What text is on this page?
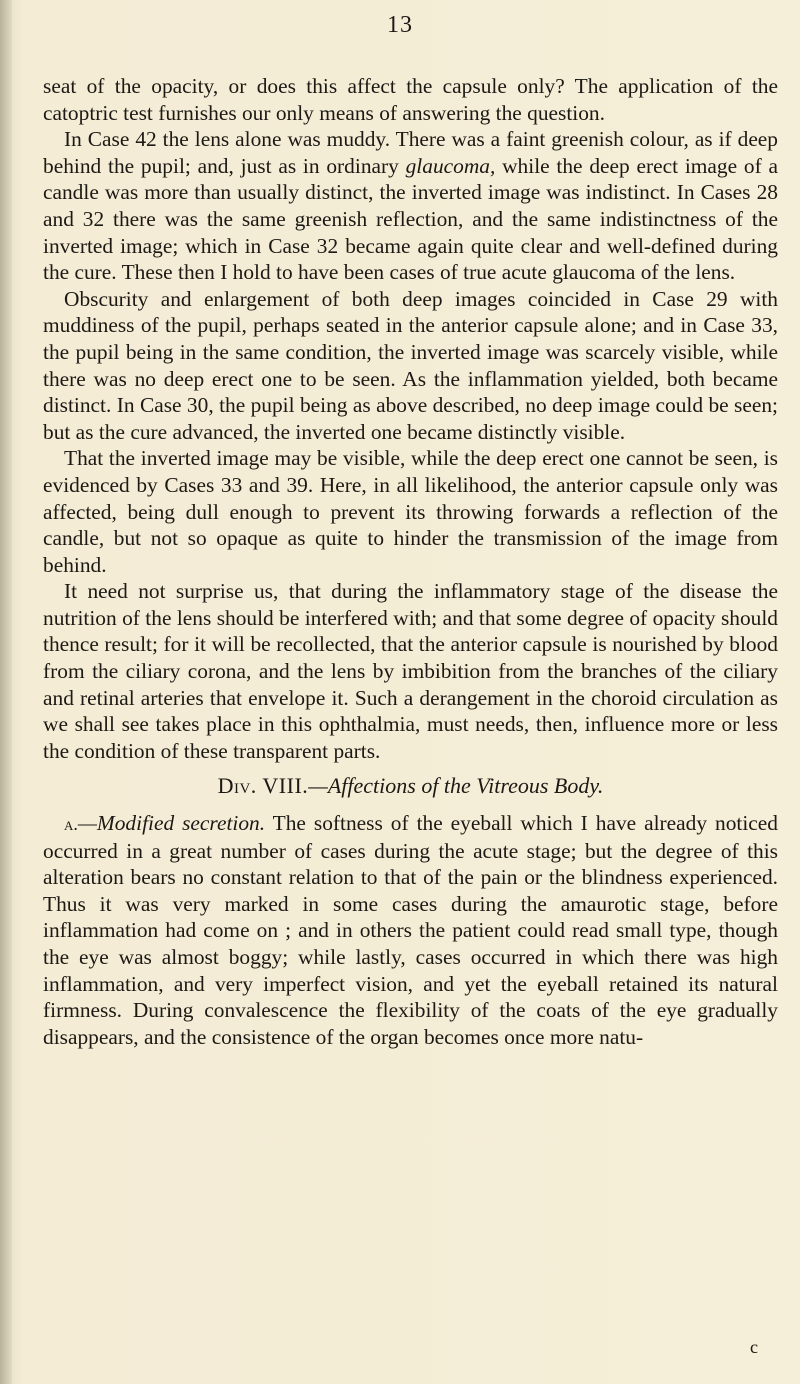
13

seat of the opacity, or does this affect the capsule only? The application of the catoptric test furnishes our only means of answering the question.

In Case 42 the lens alone was muddy. There was a faint greenish colour, as if deep behind the pupil; and, just as in ordinary glaucoma, while the deep erect image of a candle was more than usually distinct, the inverted image was indistinct. In Cases 28 and 32 there was the same greenish reflection, and the same indistinctness of the inverted image; which in Case 32 became again quite clear and well-defined during the cure. These then I hold to have been cases of true acute glaucoma of the lens.

Obscurity and enlargement of both deep images coincided in Case 29 with muddiness of the pupil, perhaps seated in the anterior capsule alone; and in Case 33, the pupil being in the same condition, the inverted image was scarcely visible, while there was no deep erect one to be seen. As the inflammation yielded, both became distinct. In Case 30, the pupil being as above described, no deep image could be seen; but as the cure advanced, the inverted one became distinctly visible.

That the inverted image may be visible, while the deep erect one cannot be seen, is evidenced by Cases 33 and 39. Here, in all likelihood, the anterior capsule only was affected, being dull enough to prevent its throwing forwards a reflection of the candle, but not so opaque as quite to hinder the transmission of the image from behind.

It need not surprise us, that during the inflammatory stage of the disease the nutrition of the lens should be interfered with; and that some degree of opacity should thence result; for it will be recollected, that the anterior capsule is nourished by blood from the ciliary corona, and the lens by imbibition from the branches of the ciliary and retinal arteries that envelope it. Such a derangement in the choroid circulation as we shall see takes place in this ophthalmia, must needs, then, influence more or less the condition of these transparent parts.

Div. VIII.—Affections of the Vitreous Body.

a.—Modified secretion. The softness of the eyeball which I have already noticed occurred in a great number of cases during the acute stage; but the degree of this alteration bears no constant relation to that of the pain or the blindness experienced. Thus it was very marked in some cases during the amaurotic stage, before inflammation had come on ; and in others the patient could read small type, though the eye was almost boggy; while lastly, cases occurred in which there was high inflammation, and very imperfect vision, and yet the eyeball retained its natural firmness. During convalescence the flexibility of the coats of the eye gradually disappears, and the consistence of the organ becomes once more natu-

c
